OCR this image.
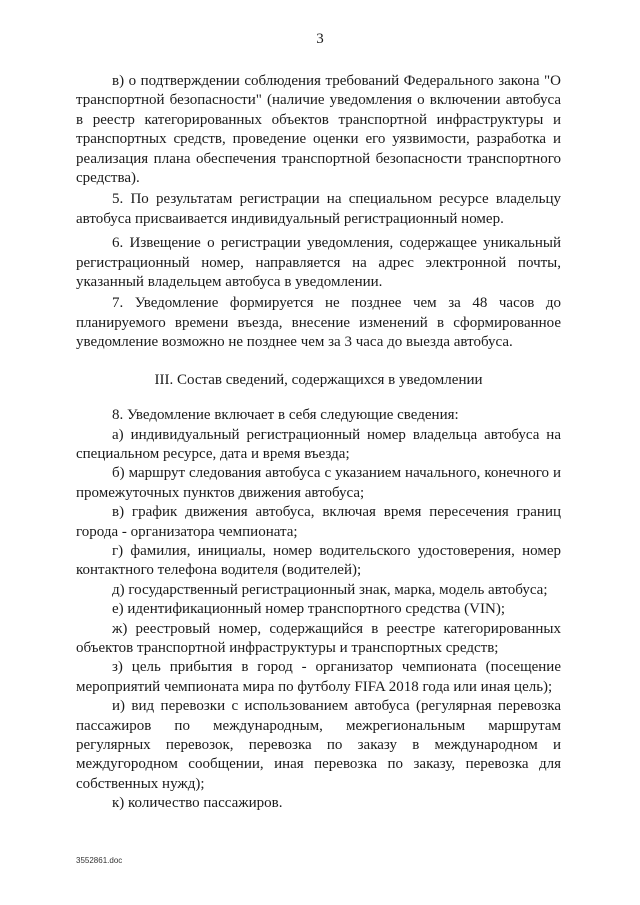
3

в) о подтверждении соблюдения требований Федерального закона "О транспортной безопасности" (наличие уведомления о включении автобуса в реестр категорированных объектов транспортной инфраструктуры и транспортных средств, проведение оценки его уязвимости, разработка и реализация плана обеспечения транспортной безопасности транспортного средства).

5. По результатам регистрации на специальном ресурсе владельцу автобуса присваивается индивидуальный регистрационный номер.

6. Извещение о регистрации уведомления, содержащее уникальный регистрационный номер, направляется на адрес электронной почты, указанный владельцем автобуса в уведомлении.

7. Уведомление формируется не позднее чем за 48 часов до планируемого времени въезда, внесение изменений в сформированное уведомление возможно не позднее чем за 3 часа до выезда автобуса.

III. Состав сведений, содержащихся в уведомлении

8. Уведомление включает в себя следующие сведения:

а) индивидуальный регистрационный номер владельца автобуса на специальном ресурсе, дата и время въезда;

б) маршрут следования автобуса с указанием начального, конечного и промежуточных пунктов движения автобуса;

в) график движения автобуса, включая время пересечения границ города - организатора чемпионата;

г) фамилия, инициалы, номер водительского удостоверения, номер контактного телефона водителя (водителей);

д) государственный регистрационный знак, марка, модель автобуса;

е) идентификационный номер транспортного средства (VIN);

ж) реестровый номер, содержащийся в реестре категорированных объектов транспортной инфраструктуры и транспортных средств;

з) цель прибытия в город - организатор чемпионата (посещение мероприятий чемпионата мира по футболу FIFA 2018 года или иная цель);

и) вид перевозки с использованием автобуса (регулярная перевозка пассажиров по международным, межрегиональным маршрутам регулярных перевозок, перевозка по заказу в международном и междугородном сообщении, иная перевозка по заказу, перевозка для собственных нужд);

к) количество пассажиров.

3552861.doc
